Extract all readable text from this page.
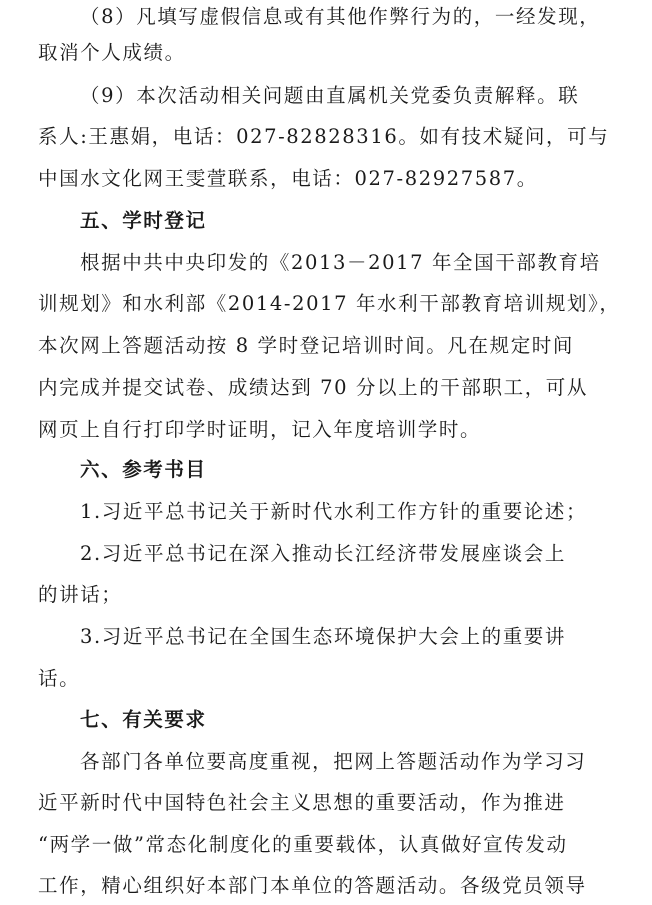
（8）凡填写虚假信息或有其他作弊行为的，一经发现，
取消个人成绩。
（9）本次活动相关问题由直属机关党委负责解释。联
系人:王惠娟，电话：027-82828316。如有技术疑问，可与
中国水文化网王雯萱联系，电话：027-82927587。
五、学时登记
根据中共中央印发的《2013－2017 年全国干部教育培
训规划》和水利部《2014-2017 年水利干部教育培训规划》，
本次网上答题活动按 8 学时登记培训时间。凡在规定时间
内完成并提交试卷、成绩达到 70 分以上的干部职工，可从
网页上自行打印学时证明，记入年度培训学时。
六、参考书目
1.习近平总书记关于新时代水利工作方针的重要论述；
2.习近平总书记在深入推动长江经济带发展座谈会上
的讲话；
3.习近平总书记在全国生态环境保护大会上的重要讲
话。
七、有关要求
各部门各单位要高度重视，把网上答题活动作为学习习
近平新时代中国特色社会主义思想的重要活动，作为推进
“两学一做”常态化制度化的重要载体，认真做好宣传发动
工作，精心组织好本部门本单位的答题活动。各级党员领导
